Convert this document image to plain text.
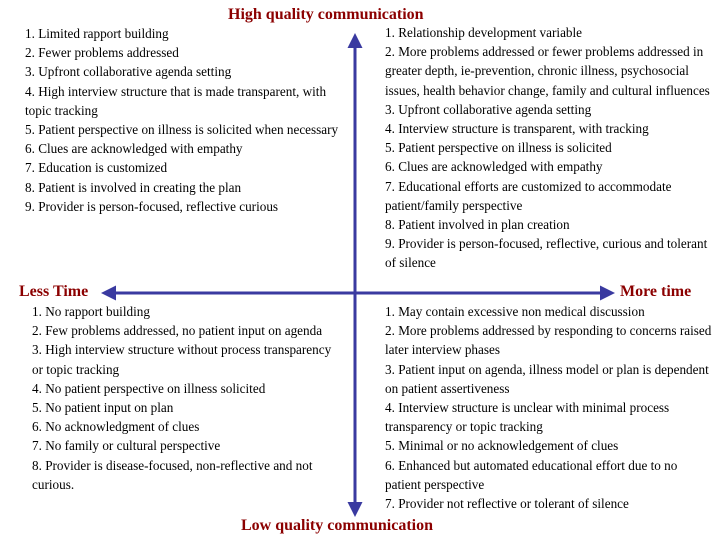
High quality communication

Low quality communication

Less Time	More time

1. Limited rapport building
2. Fewer problems addressed
3. Upfront collaborative agenda setting
4. High interview structure that is made transparent, with topic tracking
5. Patient perspective on illness is solicited when necessary
6. Clues are acknowledged with empathy
7. Education is customized
8. Patient is involved in creating the plan
9. Provider is person-focused, reflective curious
1. Relationship development variable
2. More problems addressed or fewer problems addressed in greater depth, ie-prevention, chronic illness, psychosocial issues, health behavior change, family and cultural influences
3. Upfront collaborative agenda setting
4. Interview structure is transparent, with tracking
5. Patient perspective on illness is solicited
6. Clues are acknowledged with empathy
7. Educational efforts are customized to accommodate patient/family perspective
8. Patient involved in plan creation
9. Provider is person-focused, reflective, curious and tolerant of silence
1. No rapport building
2. Few problems addressed, no patient input on agenda
3. High interview structure without process transparency or topic tracking
4. No patient perspective on illness solicited
5. No patient input on plan
6. No acknowledgment of clues
7. No family or cultural perspective
8. Provider is disease-focused, non-reflective and not curious.
1. May contain excessive non medical discussion
2. More problems addressed by responding to concerns raised later interview phases
3. Patient input on agenda, illness model or plan is dependent on patient assertiveness
4. Interview structure is unclear with minimal process transparency or topic tracking
5. Minimal or no acknowledgement of clues
6. Enhanced but automated educational effort due to no patient perspective
7. Provider not reflective or tolerant of silence
